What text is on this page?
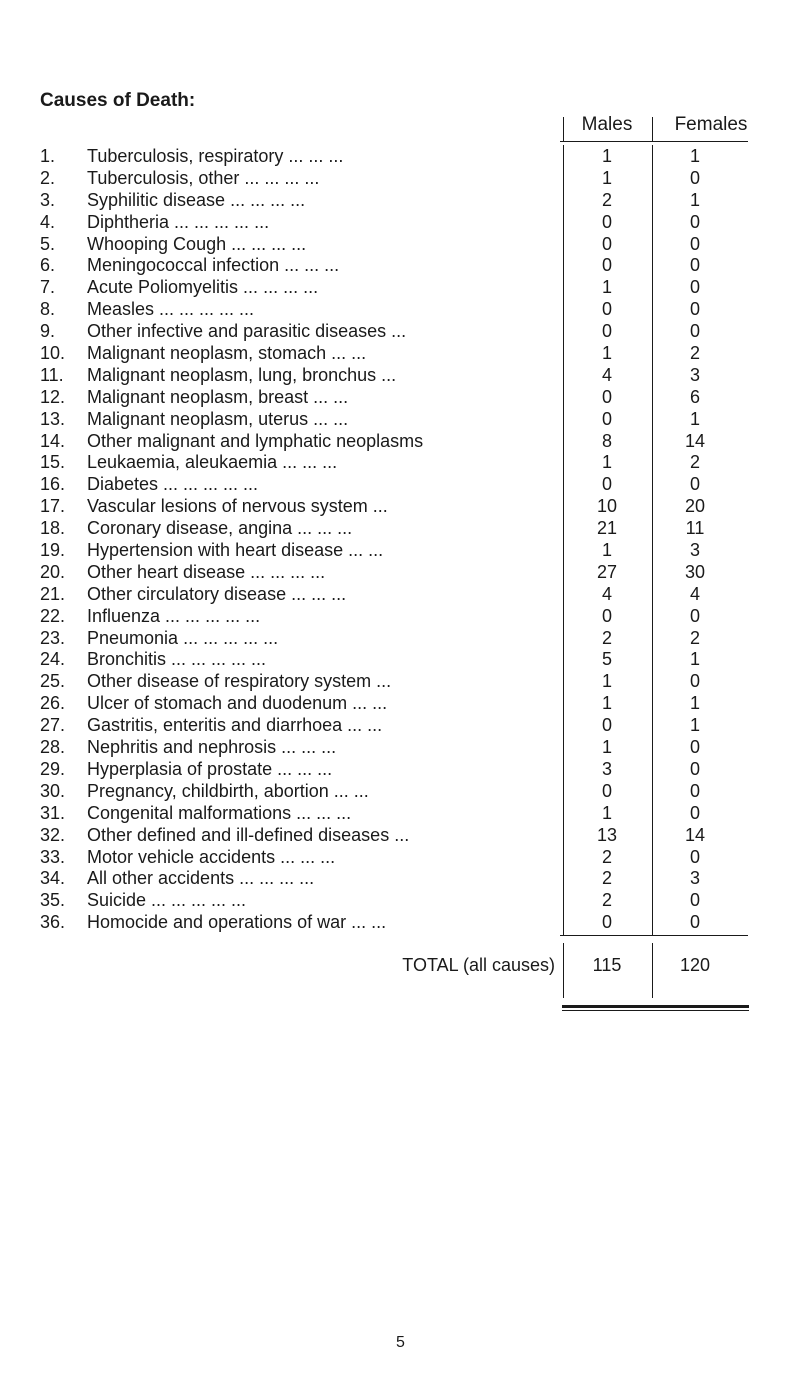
Causes of Death:
Males	Females
1.	Tuberculosis, respiratory ... ... ...	1	1
2.	Tuberculosis, other ... ... ... ...	1	0
3.	Syphilitic disease ... ... ... ...	2	1
4.	Diphtheria ... ... ... ... ...	0	0
5.	Whooping Cough ... ... ... ...	0	0
6.	Meningococcal infection ... ... ...	0	0
7.	Acute Poliomyelitis ... ... ... ...	1	0
8.	Measles ... ... ... ... ...	0	0
9.	Other infective and parasitic diseases ...	0	0
10.	Malignant neoplasm, stomach ... ...	1	2
11.	Malignant neoplasm, lung, bronchus ...	4	3
12.	Malignant neoplasm, breast ... ...	0	6
13.	Malignant neoplasm, uterus ... ...	0	1
14.	Other malignant and lymphatic neoplasms	8	14
15.	Leukaemia, aleukaemia ... ... ...	1	2
16.	Diabetes ... ... ... ... ...	0	0
17.	Vascular lesions of nervous system ...	10	20
18.	Coronary disease, angina ... ... ...	21	11
19.	Hypertension with heart disease ... ...	1	3
20.	Other heart disease ... ... ... ...	27	30
21.	Other circulatory disease ... ... ...	4	4
22.	Influenza ... ... ... ... ...	0	0
23.	Pneumonia ... ... ... ... ...	2	2
24.	Bronchitis ... ... ... ... ...	5	1
25.	Other disease of respiratory system ...	1	0
26.	Ulcer of stomach and duodenum ... ...	1	1
27.	Gastritis, enteritis and diarrhoea ... ...	0	1
28.	Nephritis and nephrosis ... ... ...	1	0
29.	Hyperplasia of prostate ... ... ...	3	0
30.	Pregnancy, childbirth, abortion ... ...	0	0
31.	Congenital malformations ... ... ...	1	0
32.	Other defined and ill-defined diseases ...	13	14
33.	Motor vehicle accidents ... ... ...	2	0
34.	All other accidents ... ... ... ...	2	3
35.	Suicide ... ... ... ... ...	2	0
36.	Homocide and operations of war ... ...	0	0
TOTAL (all causes)	115	120
5
